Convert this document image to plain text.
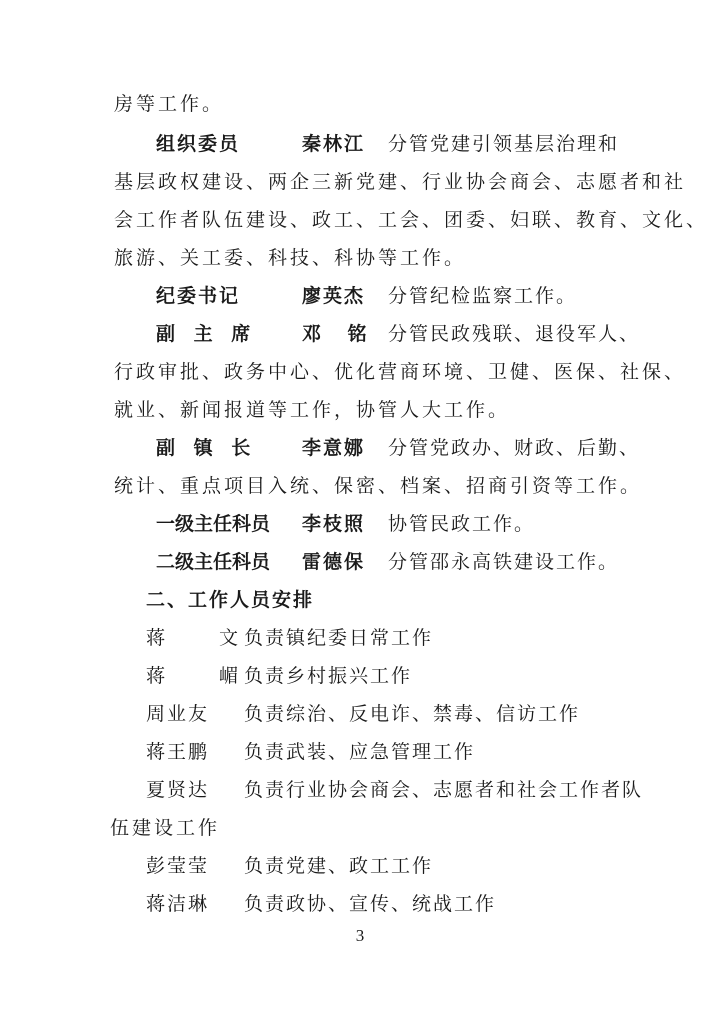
房等工作。
组织委员	秦林江 分管党建引领基层治理和
基层政权建设、两企三新党建、行业协会商会、志愿者和社
会工作者队伍建设、政工、工会、团委、妇联、教育、文化、
旅游、关工委、科技、科协等工作。
纪委书记	廖英杰 分管纪检监察工作。
副 主 席 邓 铭 分管民政残联、退役军人、
行政审批、政务中心、优化营商环境、卫健、医保、社保、
就业、新闻报道等工作，协管人大工作。
副 镇 长 李意娜 分管党政办、财政、后勤、
统计、重点项目入统、保密、档案、招商引资等工作。
一级主任科员 李枝照 协管民政工作。
二级主任科员 雷德保 分管邵永高铁建设工作。
二、工作人员安排
蒋 文
负责镇纪委日常工作
蒋 嵋
负责乡村振兴工作
周业友 负责综治、反电诈、禁毒、信访工作
蒋王鹏 负责武装、应急管理工作
夏贤达 负责行业协会商会、志愿者和社会工作者队
伍建设工作
彭莹莹 负责党建、政工工作
蒋洁琳 负责政协、宣传、统战工作
3
